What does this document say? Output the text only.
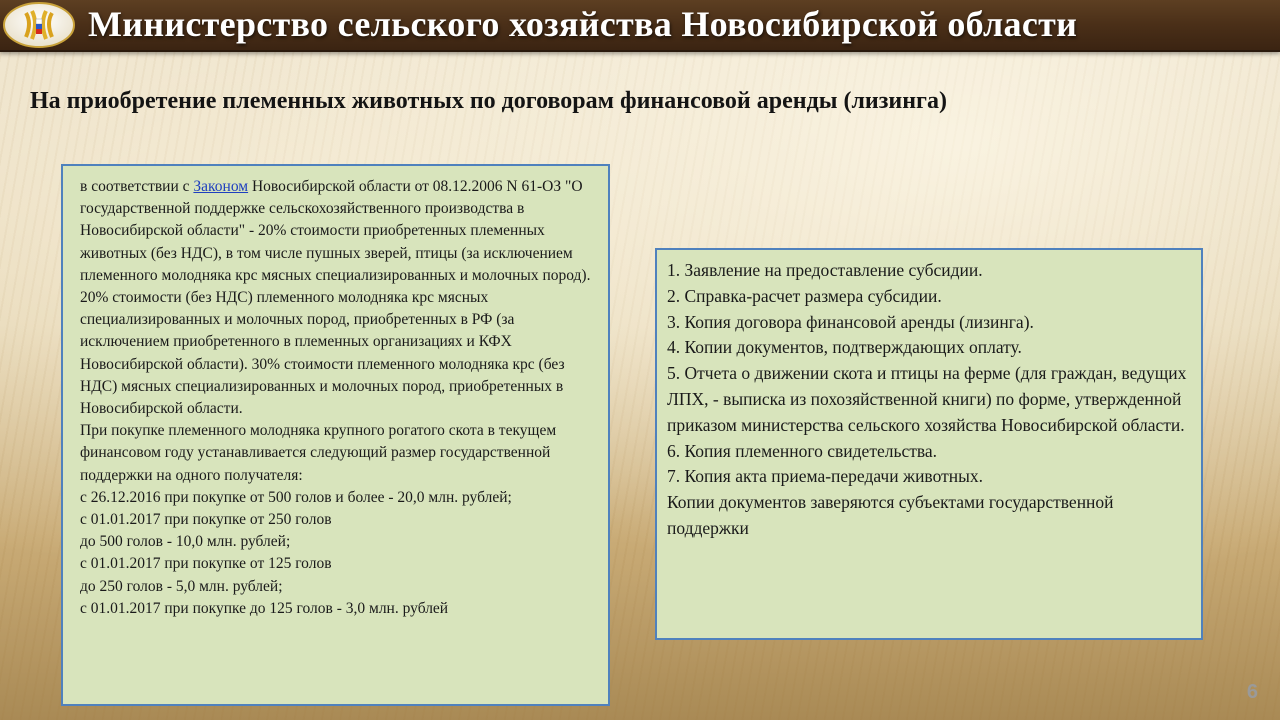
Министерство сельского хозяйства Новосибирской области
На приобретение племенных животных по договорам финансовой аренды (лизинга)

в соответствии с Законом Новосибирской области от 08.12.2006 N 61-ОЗ "О государственной поддержке сельскохозяйственного производства в Новосибирской области" - 20% стоимости приобретенных племенных животных (без НДС), в том числе пушных зверей, птицы (за исключением племенного молодняка крс мясных специализированных и молочных пород). 20% стоимости (без НДС) племенного молодняка крс мясных специализированных и молочных пород, приобретенных в РФ (за исключением приобретенного в племенных организациях и КФХ Новосибирской области). 30% стоимости племенного молодняка крс (без НДС) мясных специализированных и молочных пород, приобретенных в Новосибирской области.

При покупке племенного молодняка крупного рогатого скота в текущем финансовом году устанавливается следующий размер государственной поддержки на одного получателя:

с 26.12.2016 при покупке от 500 голов и более - 20,0 млн. рублей;

с 01.01.2017 при покупке от 250 голов

до 500 голов - 10,0 млн. рублей;

с 01.01.2017 при покупке от 125 голов

до 250 голов - 5,0 млн. рублей;

с 01.01.2017 при покупке до 125 голов - 3,0 млн. рублей

1. Заявление на предоставление субсидии.

2. Справка-расчет размера субсидии.

3. Копия договора финансовой аренды (лизинга).

4. Копии документов, подтверждающих оплату.

5. Отчета о движении скота и птицы на ферме (для граждан, ведущих ЛПХ, - выписка из похозяйственной книги) по форме, утвержденной приказом министерства сельского хозяйства Новосибирской области.

6. Копия племенного свидетельства.

7. Копия акта приема-передачи животных.

Копии документов заверяются субъектами государственной поддержки

6
